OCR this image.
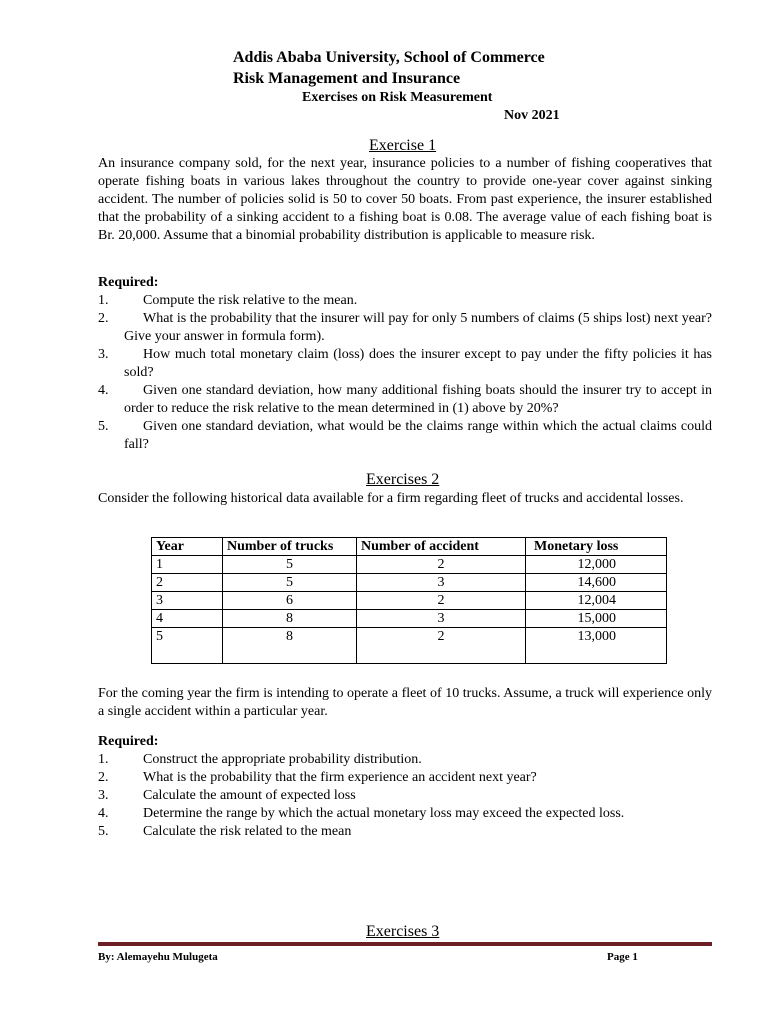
Addis Ababa University, School of Commerce
Risk Management and Insurance
Exercises on Risk Measurement
Nov 2021
Exercise 1
An insurance company sold, for the next year, insurance policies to a number of fishing cooperatives that operate fishing boats in various lakes throughout the country to provide one-year cover against sinking accident. The number of policies solid is 50 to cover 50 boats. From past experience, the insurer established that the probability of a sinking accident to a fishing boat is 0.08. The average value of each fishing boat is Br. 20,000. Assume that a binomial probability distribution is applicable to measure risk.
Required:
1.	Compute the risk relative to the mean.
2.	What is the probability that the insurer will pay for only 5 numbers of claims (5 ships lost) next year? Give your answer in formula form).
3.	How much total monetary claim (loss) does the insurer except to pay under the fifty policies it has sold?
4.	Given one standard deviation, how many additional fishing boats should the insurer try to accept in order to reduce the risk relative to the mean determined in (1) above by 20%?
5.	Given one standard deviation, what would be the claims range within which the actual claims could fall?
Exercises 2
Consider the following historical data available for a firm regarding fleet of trucks and accidental losses.
Year	Number of trucks	Number of accident	Monetary loss
1	5	2	12,000
2	5	3	14,600
3	6	2	12,004
4	8	3	15,000
5	8	2	13,000
For the coming year the firm is intending to operate a fleet of 10 trucks. Assume, a truck will experience only a single accident within a particular year.
Required:
1. Construct the appropriate probability distribution.
2. What is the probability that the firm experience an accident next year?
3. Calculate the amount of expected loss
4. Determine the range by which the actual monetary loss may exceed the expected loss.
5. Calculate the risk related to the mean
Exercises 3
By: Alemayehu Mulugeta	Page 1
